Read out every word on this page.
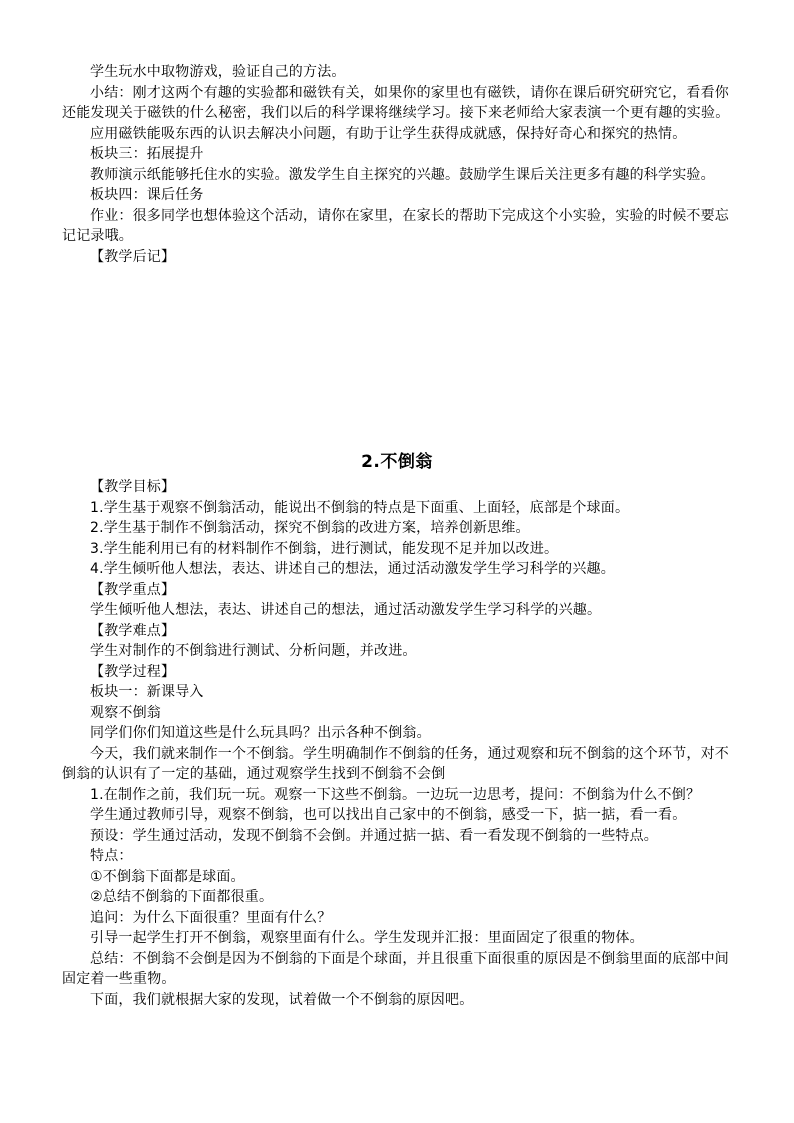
学生玩水中取物游戏，验证自己的方法。

小结：刚才这两个有趣的实验都和磁铁有关，如果你的家里也有磁铁，请你在课后研究研究它，看看你还能发现关于磁铁的什么秘密，我们以后的科学课将继续学习。接下来老师给大家表演一个更有趣的实验。

应用磁铁能吸东西的认识去解决小问题，有助于让学生获得成就感，保持好奇心和探究的热情。

板块三：拓展提升

教师演示纸能够托住水的实验。激发学生自主探究的兴趣。鼓励学生课后关注更多有趣的科学实验。

板块四：课后任务

作业：很多同学也想体验这个活动，请你在家里，在家长的帮助下完成这个小实验，实验的时候不要忘记记录哦。

【教学后记】

2.不倒翁

【教学目标】

1.学生基于观察不倒翁活动，能说出不倒翁的特点是下面重、上面轻，底部是个球面。

2.学生基于制作不倒翁活动，探究不倒翁的改进方案，培养创新思维。

3.学生能利用已有的材料制作不倒翁，进行测试，能发现不足并加以改进。

4.学生倾听他人想法，表达、讲述自己的想法，通过活动激发学生学习科学的兴趣。

【教学重点】

学生倾听他人想法，表达、讲述自己的想法，通过活动激发学生学习科学的兴趣。

【教学难点】

学生对制作的不倒翁进行测试、分析问题，并改进。

【教学过程】

板块一：新课导入

观察不倒翁

同学们你们知道这些是什么玩具吗？出示各种不倒翁。

今天，我们就来制作一个不倒翁。学生明确制作不倒翁的任务，通过观察和玩不倒翁的这个环节，对不倒翁的认识有了一定的基础，通过观察学生找到不倒翁不会倒

1.在制作之前，我们玩一玩。观察一下这些不倒翁。一边玩一边思考，提问：不倒翁为什么不倒？

学生通过教师引导，观察不倒翁，也可以找出自己家中的不倒翁，感受一下，掂一掂，看一看。

预设：学生通过活动，发现不倒翁不会倒。并通过掂一掂、看一看发现不倒翁的一些特点。

特点：

①不倒翁下面都是球面。

②总结不倒翁的下面都很重。

追问：为什么下面很重？里面有什么？

引导一起学生打开不倒翁，观察里面有什么。学生发现并汇报：里面固定了很重的物体。

总结：不倒翁不会倒是因为不倒翁的下面是个球面，并且很重下面很重的原因是不倒翁里面的底部中间固定着一些重物。

下面，我们就根据大家的发现，试着做一个不倒翁的原因吧。
